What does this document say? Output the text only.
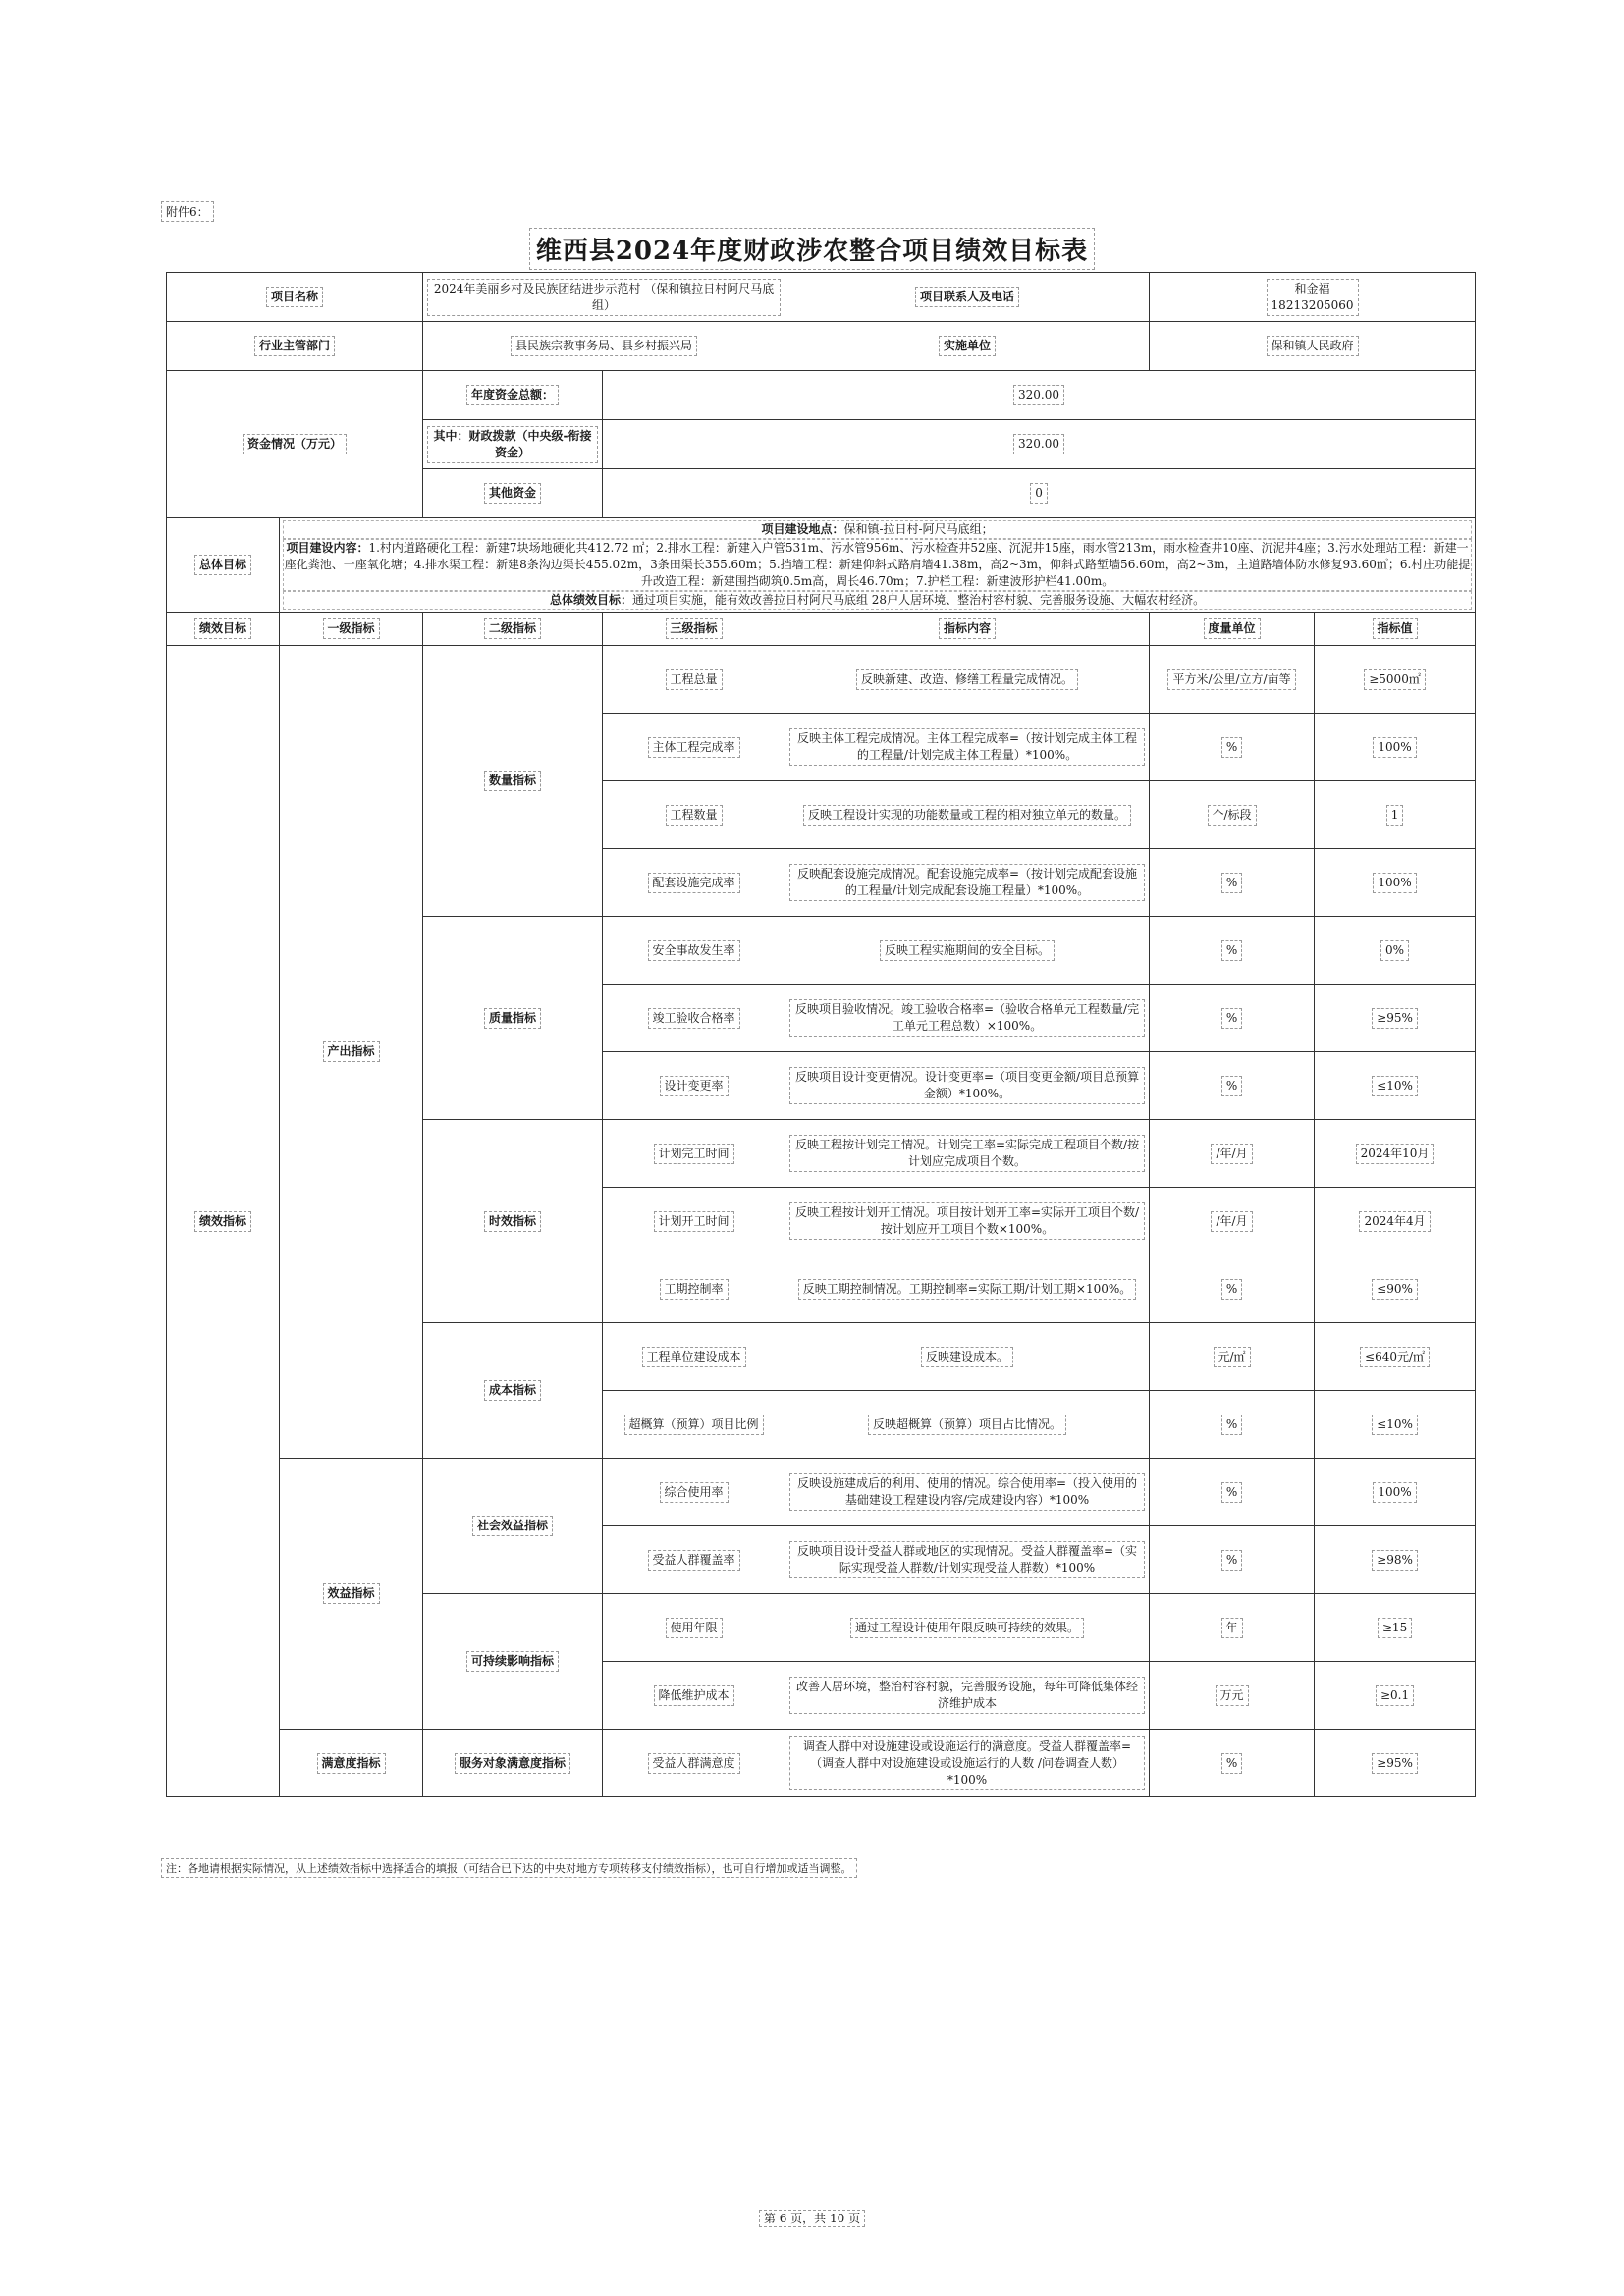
附件6：
维西县2024年度财政涉农整合项目绩效目标表
项目名称		2024年美丽乡村及民族团结进步示范村 （保和镇拉日村阿尺马底组）		项目联系人及电话	和金福
18213205060	
行业主管部门		县民族宗教事务局、县乡村振兴局		实施单位	保和镇人民政府	
资金情况（万元）		年度资金总额：	320.00			
		其中：财政拨款（中央级-衔接资金）	320.00			
		其他资金	0			
总体目标	项目建设地点：保和镇-拉日村-阿尺马底组；
项目建设内容：1.村内道路硬化工程：新建7块场地硬化共412.72 ㎡；2.排水工程：新建入户管531m、污水管956m、污水检查井52座、沉泥井15座，雨水管213m，雨水检查井10座、沉泥井4座；3.污水处理站工程：新建一座化粪池、一座氧化塘；4.排水渠工程：新建8条沟边渠长455.02m，3条田渠长355.60m；5.挡墙工程：新建仰斜式路肩墙41.38m，高2~3m，仰斜式路堑墙56.60m，高2~3m，主道路墙体防水修复93.60㎡；6.村庄功能提升改造工程：新建围挡砌筑0.5m高，周长46.70m；7.护栏工程：新建波形护栏41.00m。
总体绩效目标：通过项目实施，能有效改善拉日村阿尺马底组 28户人居环境、整治村容村貌、完善服务设施、大幅农村经济。					

绩效目标	一级指标	二级指标	三级指标	指标内容	度量单位	指标值
绩效指标	产出指标	数量指标	工程总量	反映新建、改造、修缮工程量完成情况。	平方米/公里/立方/亩等	≥5000㎡
			主体工程完成率	反映主体工程完成情况。主体工程完成率=（按计划完成主体工程的工程量/计划完成主体工程量）*100%。	%	100%
			工程数量	反映工程设计实现的功能数量或工程的相对独立单元的数量。	个/标段	1
			配套设施完成率	反映配套设施完成情况。配套设施完成率=（按计划完成配套设施的工程量/计划完成配套设施工程量）*100%。	%	100%
		质量指标	安全事故发生率	反映工程实施期间的安全目标。	%	0%
			竣工验收合格率	反映项目验收情况。竣工验收合格率=（验收合格单元工程数量/完工单元工程总数）×100%。	%	≥95%
			设计变更率	反映项目设计变更情况。设计变更率=（项目变更金额/项目总预算金额）*100%。	%	≤10%
		时效指标	计划完工时间	反映工程按计划完工情况。计划完工率=实际完成工程项目个数/按计划应完成项目个数。	/年/月	2024年10月
			计划开工时间	反映工程按计划开工情况。项目按计划开工率=实际开工项目个数/按计划应开工项目个数×100%。	/年/月	2024年4月
			工期控制率	反映工期控制情况。工期控制率=实际工期/计划工期×100%。	%	≤90%
		成本指标	工程单位建设成本	反映建设成本。	元/㎡	≤640元/㎡
			超概算（预算）项目比例	反映超概算（预算）项目占比情况。	%	≤10%
	效益指标	社会效益指标	综合使用率	反映设施建成后的利用、使用的情况。综合使用率=（投入使用的基础建设工程建设内容/完成建设内容）*100%	%	100%
			受益人群覆盖率	反映项目设计受益人群或地区的实现情况。受益人群覆盖率=（实际实现受益人群数/计划实现受益人群数）*100%	%	≥98%
		可持续影响指标	使用年限	通过工程设计使用年限反映可持续的效果。	年	≥15
			降低维护成本	改善人居环境，整治村容村貌，完善服务设施，每年可降低集体经济维护成本	万元	≥0.1
	满意度指标	服务对象满意度指标	受益人群满意度	调查人群中对设施建设或设施运行的满意度。受益人群覆盖率=（调查人群中对设施建设或设施运行的人数 /问卷调查人数）*100%	%	≥95%
注：各地请根据实际情况，从上述绩效指标中选择适合的填报（可结合已下达的中央对地方专项转移支付绩效指标），也可自行增加或适当调整。
第 6 页，共 10 页
